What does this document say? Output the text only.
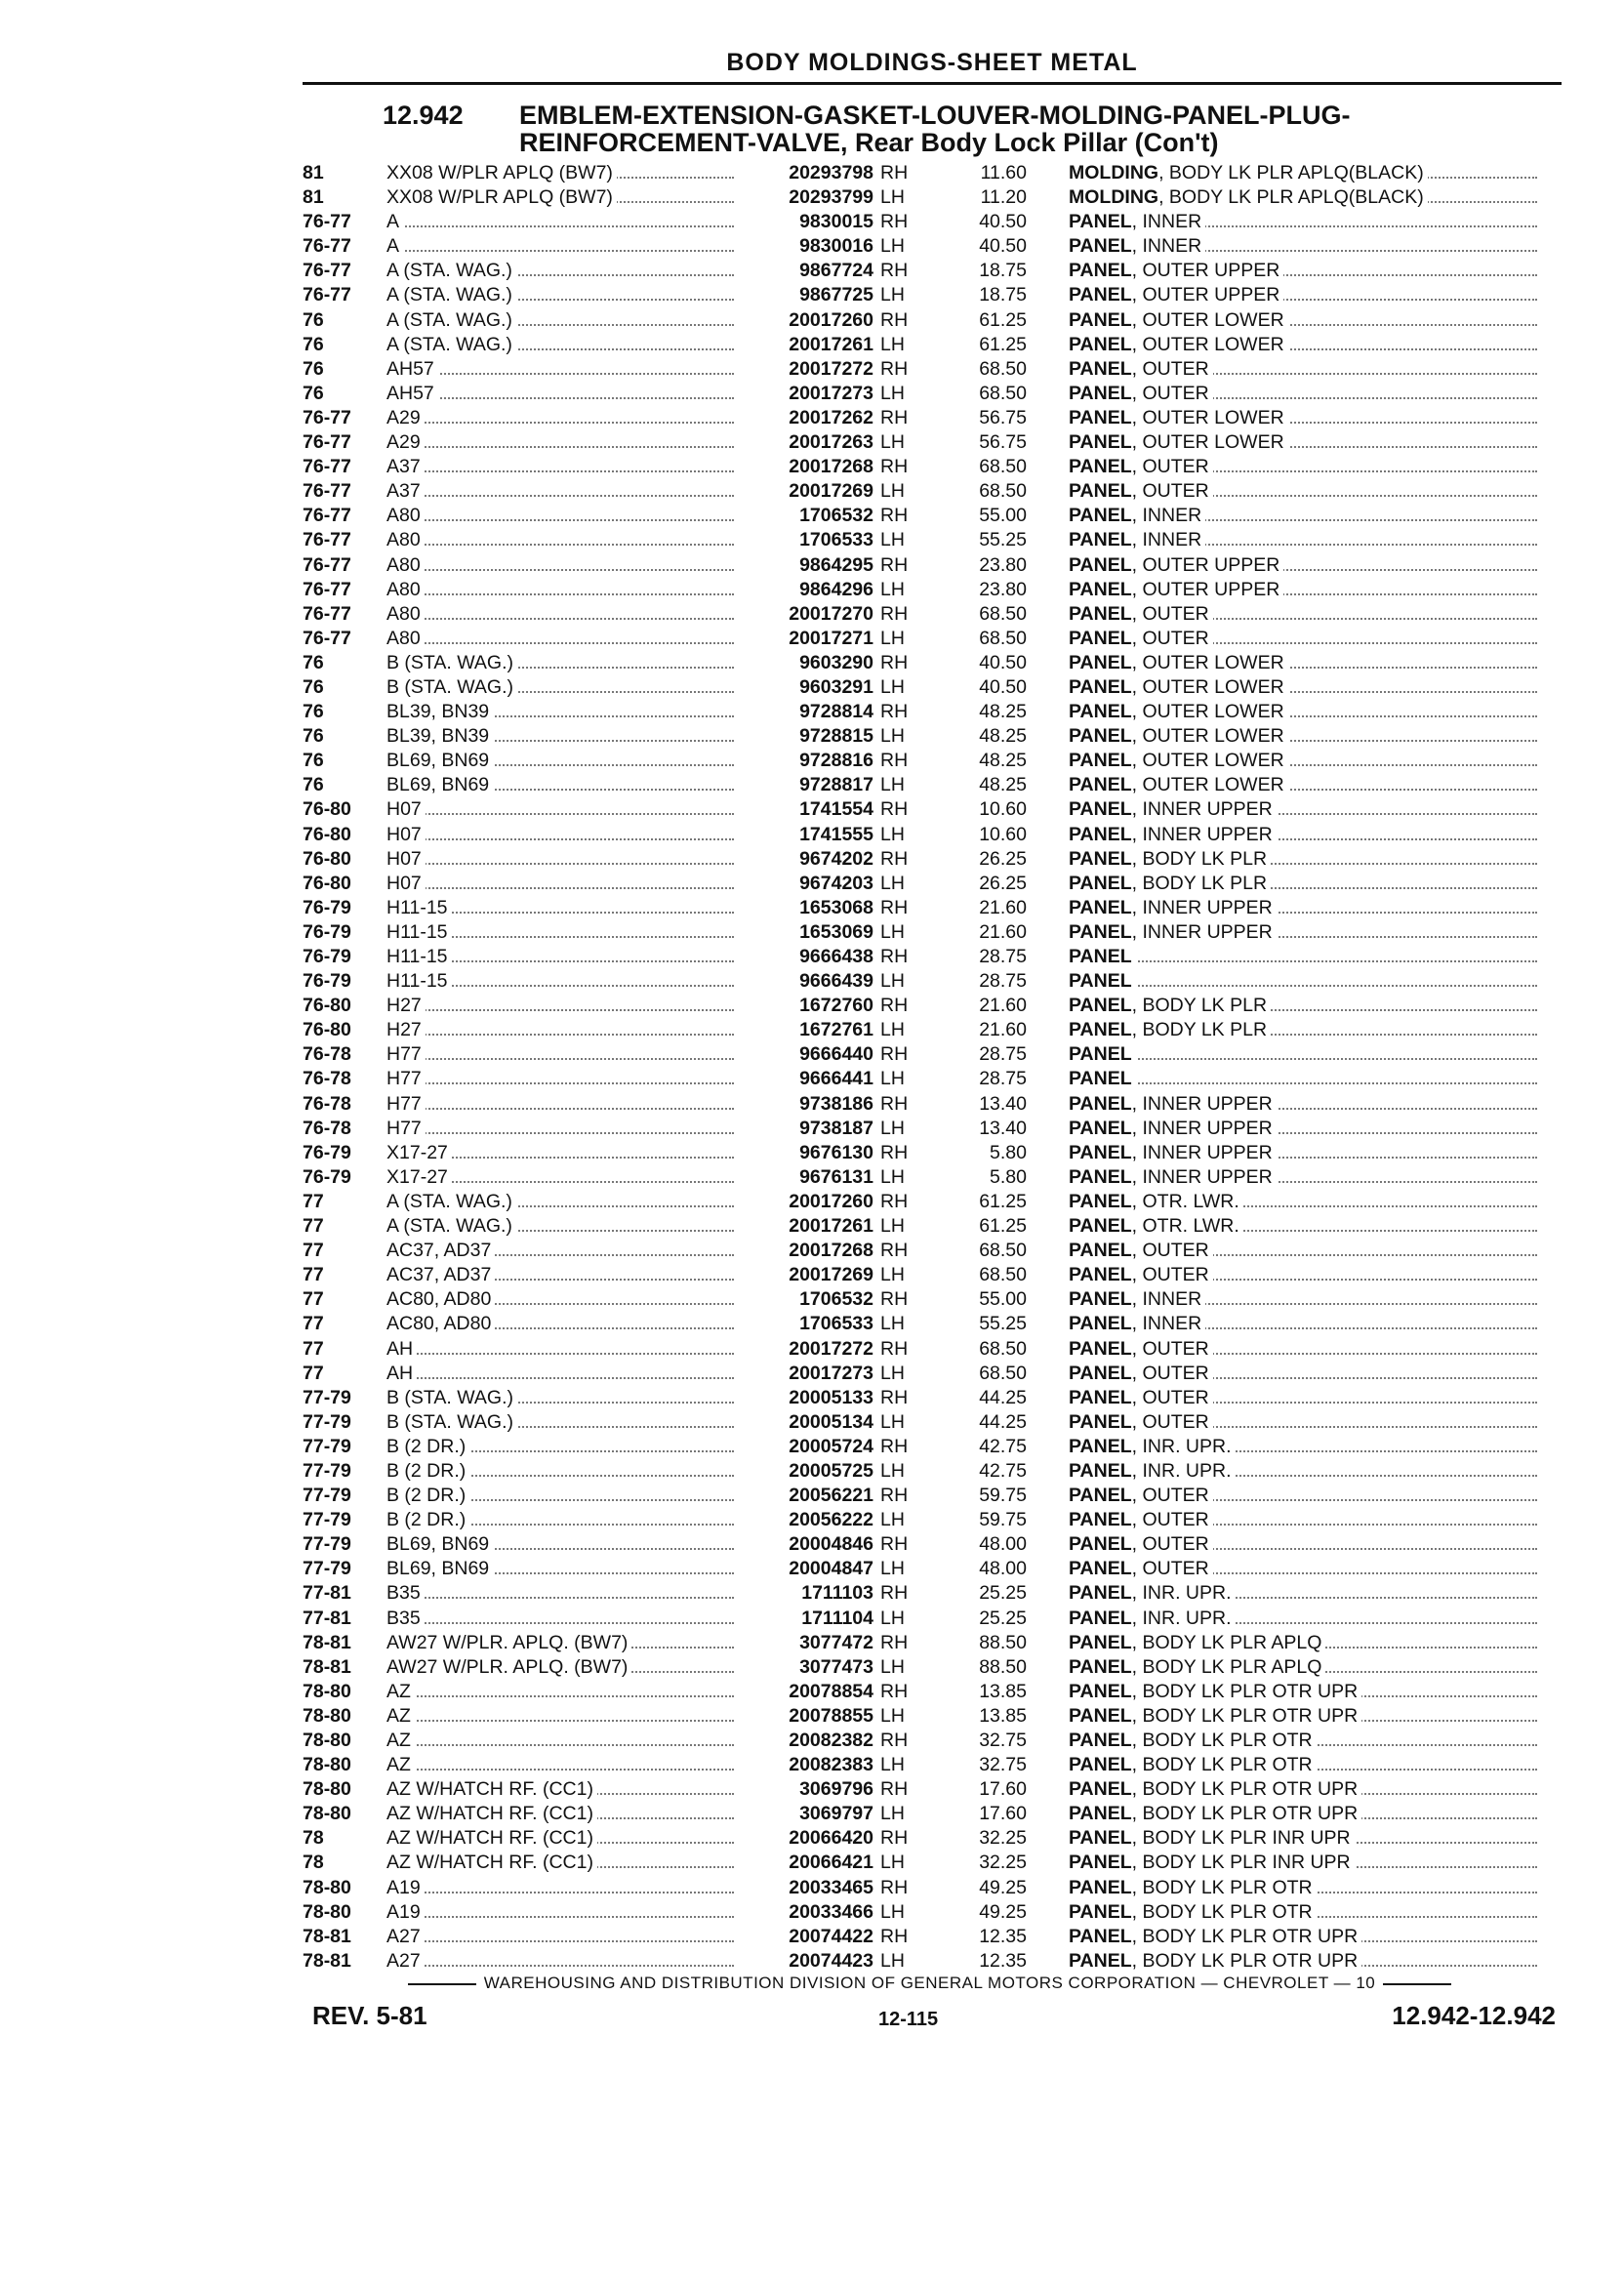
BODY MOLDINGS-SHEET METAL
12.942 EMBLEM-EXTENSION-GASKET-LOUVER-MOLDING-PANEL-PLUG-
REINFORCEMENT-VALVE, Rear Body Lock Pillar (Con't)
81	XX08 W/PLR APLQ (BW7)	20293798 RH	11.60 MOLDING, BODY LK PLR APLQ(BLACK)
81	XX08 W/PLR APLQ (BW7)	20293799 LH	11.20 MOLDING, BODY LK PLR APLQ(BLACK)
76-77	A	9830015 RH	40.50 PANEL, INNER
76-77	A	9830016 LH	40.50 PANEL, INNER
76-77	A (STA. WAG.)	9867724 RH	18.75 PANEL, OUTER UPPER
76-77	A (STA. WAG.)	9867725 LH	18.75 PANEL, OUTER UPPER
76	A (STA. WAG.)	20017260 RH	61.25 PANEL, OUTER LOWER
76	A (STA. WAG.)	20017261 LH	61.25 PANEL, OUTER LOWER
76	AH57	20017272 RH	68.50 PANEL, OUTER
76	AH57	20017273 LH	68.50 PANEL, OUTER
76-77	A29	20017262 RH	56.75 PANEL, OUTER LOWER
76-77	A29	20017263 LH	56.75 PANEL, OUTER LOWER
76-77	A37	20017268 RH	68.50 PANEL, OUTER
76-77	A37	20017269 LH	68.50 PANEL, OUTER
76-77	A80	1706532 RH	55.00 PANEL, INNER
76-77	A80	1706533 LH	55.25 PANEL, INNER
76-77	A80	9864295 RH	23.80 PANEL, OUTER UPPER
76-77	A80	9864296 LH	23.80 PANEL, OUTER UPPER
76-77	A80	20017270 RH	68.50 PANEL, OUTER
76-77	A80	20017271 LH	68.50 PANEL, OUTER
76	B (STA. WAG.)	9603290 RH	40.50 PANEL, OUTER LOWER
76	B (STA. WAG.)	9603291 LH	40.50 PANEL, OUTER LOWER
76	BL39, BN39	9728814 RH	48.25 PANEL, OUTER LOWER
76	BL39, BN39	9728815 LH	48.25 PANEL, OUTER LOWER
76	BL69, BN69	9728816 RH	48.25 PANEL, OUTER LOWER
76	BL69, BN69	9728817 LH	48.25 PANEL, OUTER LOWER
76-80	H07	1741554 RH	10.60 PANEL, INNER UPPER
76-80	H07	1741555 LH	10.60 PANEL, INNER UPPER
76-80	H07	9674202 RH	26.25 PANEL, BODY LK PLR
76-80	H07	9674203 LH	26.25 PANEL, BODY LK PLR
76-79	H11-15	1653068 RH	21.60 PANEL, INNER UPPER
76-79	H11-15	1653069 LH	21.60 PANEL, INNER UPPER
76-79	H11-15	9666438 RH	28.75 PANEL
76-79	H11-15	9666439 LH	28.75 PANEL
76-80	H27	1672760 RH	21.60 PANEL, BODY LK PLR
76-80	H27	1672761 LH	21.60 PANEL, BODY LK PLR
76-78	H77	9666440 RH	28.75 PANEL
76-78	H77	9666441 LH	28.75 PANEL
76-78	H77	9738186 RH	13.40 PANEL, INNER UPPER
76-78	H77	9738187 LH	13.40 PANEL, INNER UPPER
76-79	X17-27	9676130 RH	5.80 PANEL, INNER UPPER
76-79	X17-27	9676131 LH	5.80 PANEL, INNER UPPER
77	A (STA. WAG.)	20017260 RH	61.25 PANEL, OTR. LWR.
77	A (STA. WAG.)	20017261 LH	61.25 PANEL, OTR. LWR.
77	AC37, AD37	20017268 RH	68.50 PANEL, OUTER
77	AC37, AD37	20017269 LH	68.50 PANEL, OUTER
77	AC80, AD80	1706532 RH	55.00 PANEL, INNER
77	AC80, AD80	1706533 LH	55.25 PANEL, INNER
77	AH	20017272 RH	68.50 PANEL, OUTER
77	AH	20017273 LH	68.50 PANEL, OUTER
77-79	B (STA. WAG.)	20005133 RH	44.25 PANEL, OUTER
77-79	B (STA. WAG.)	20005134 LH	44.25 PANEL, OUTER
77-79	B (2 DR.)	20005724 RH	42.75 PANEL, INR. UPR.
77-79	B (2 DR.)	20005725 LH	42.75 PANEL, INR. UPR.
77-79	B (2 DR.)	20056221 RH	59.75 PANEL, OUTER
77-79	B (2 DR.)	20056222 LH	59.75 PANEL, OUTER
77-79	BL69, BN69	20004846 RH	48.00 PANEL, OUTER
77-79	BL69, BN69	20004847 LH	48.00 PANEL, OUTER
77-81	B35	1711103 RH	25.25 PANEL, INR. UPR.
77-81	B35	1711104 LH	25.25 PANEL, INR. UPR.
78-81	AW27 W/PLR. APLQ. (BW7)	3077472 RH	88.50 PANEL, BODY LK PLR APLQ
78-81	AW27 W/PLR. APLQ. (BW7)	3077473 LH	88.50 PANEL, BODY LK PLR APLQ
78-80	AZ	20078854 RH	13.85 PANEL, BODY LK PLR OTR UPR
78-80	AZ	20078855 LH	13.85 PANEL, BODY LK PLR OTR UPR
78-80	AZ	20082382 RH	32.75 PANEL, BODY LK PLR OTR
78-80	AZ	20082383 LH	32.75 PANEL, BODY LK PLR OTR
78-80	AZ W/HATCH RF. (CC1)	3069796 RH	17.60 PANEL, BODY LK PLR OTR UPR
78-80	AZ W/HATCH RF. (CC1)	3069797 LH	17.60 PANEL, BODY LK PLR OTR UPR
78	AZ W/HATCH RF. (CC1)	20066420 RH	32.25 PANEL, BODY LK PLR INR UPR
78	AZ W/HATCH RF. (CC1)	20066421 LH	32.25 PANEL, BODY LK PLR INR UPR
78-80	A19	20033465 RH	49.25 PANEL, BODY LK PLR OTR
78-80	A19	20033466 LH	49.25 PANEL, BODY LK PLR OTR
78-81	A27	20074422 RH	12.35 PANEL, BODY LK PLR OTR UPR
78-81	A27	20074423 LH	12.35 PANEL, BODY LK PLR OTR UPR
WAREHOUSING AND DISTRIBUTION DIVISION OF GENERAL MOTORS CORPORATION — CHEVROLET — 10
REV. 5-81	12-115	12.942-12.942
